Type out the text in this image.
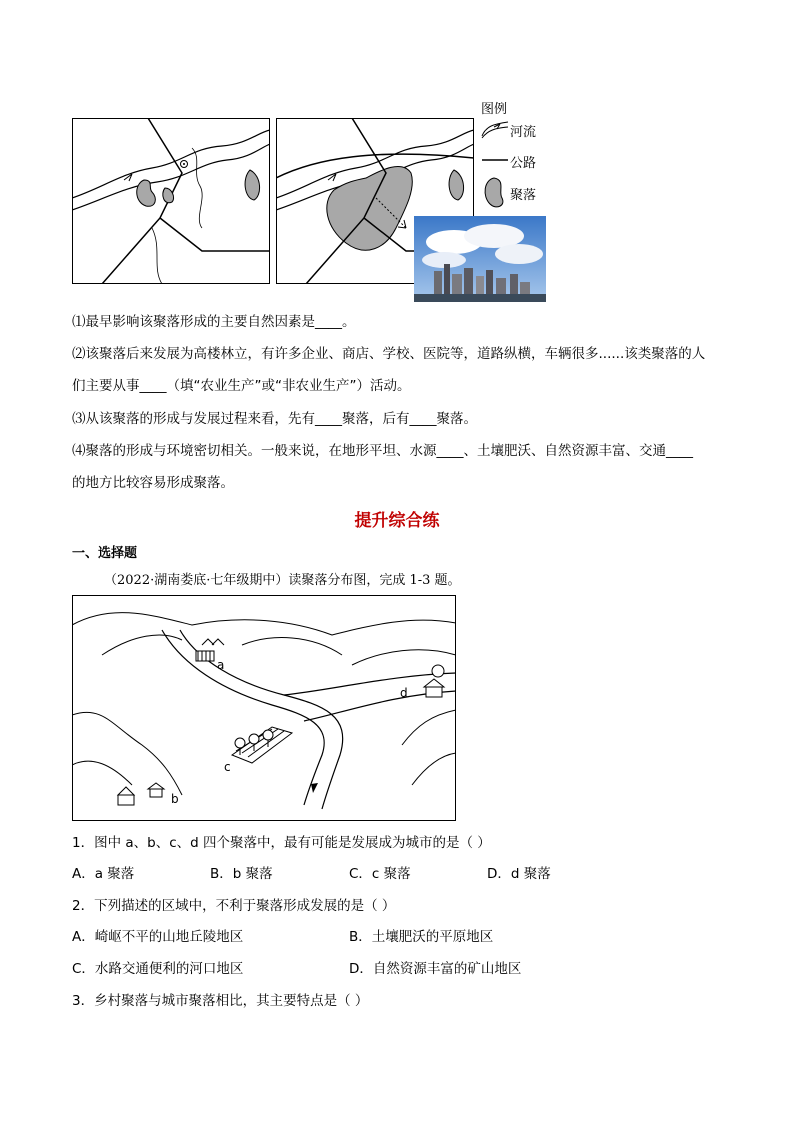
图例
河流
公路
聚落
⑴最早影响该聚落形成的主要自然因素是____。
⑵该聚落后来发展为高楼林立，有许多企业、商店、学校、医院等，道路纵横，车辆很多......该类聚落的人
们主要从事____（填“农业生产”或“非农业生产”）活动。
⑶从该聚落的形成与发展过程来看，先有____聚落，后有____聚落。
⑷聚落的形成与环境密切相关。一般来说，在地形平坦、水源____、土壤肥沃、自然资源丰富、交通____
的地方比较容易形成聚落。
提升综合练
一、选择题
（2022·湖南娄底·七年级期中）读聚落分布图，完成 1-3 题。
a
b
c
d
1．图中 a、b、c、d 四个聚落中，最有可能是发展成为城市的是（ ）
A．a 聚落	B．b 聚落	C．c 聚落	D．d 聚落
2．下列描述的区域中，不利于聚落形成发展的是（ ）
A．崎岖不平的山地丘陵地区	B．土壤肥沃的平原地区
C．水路交通便利的河口地区	D．自然资源丰富的矿山地区
3．乡村聚落与城市聚落相比，其主要特点是（ ）
